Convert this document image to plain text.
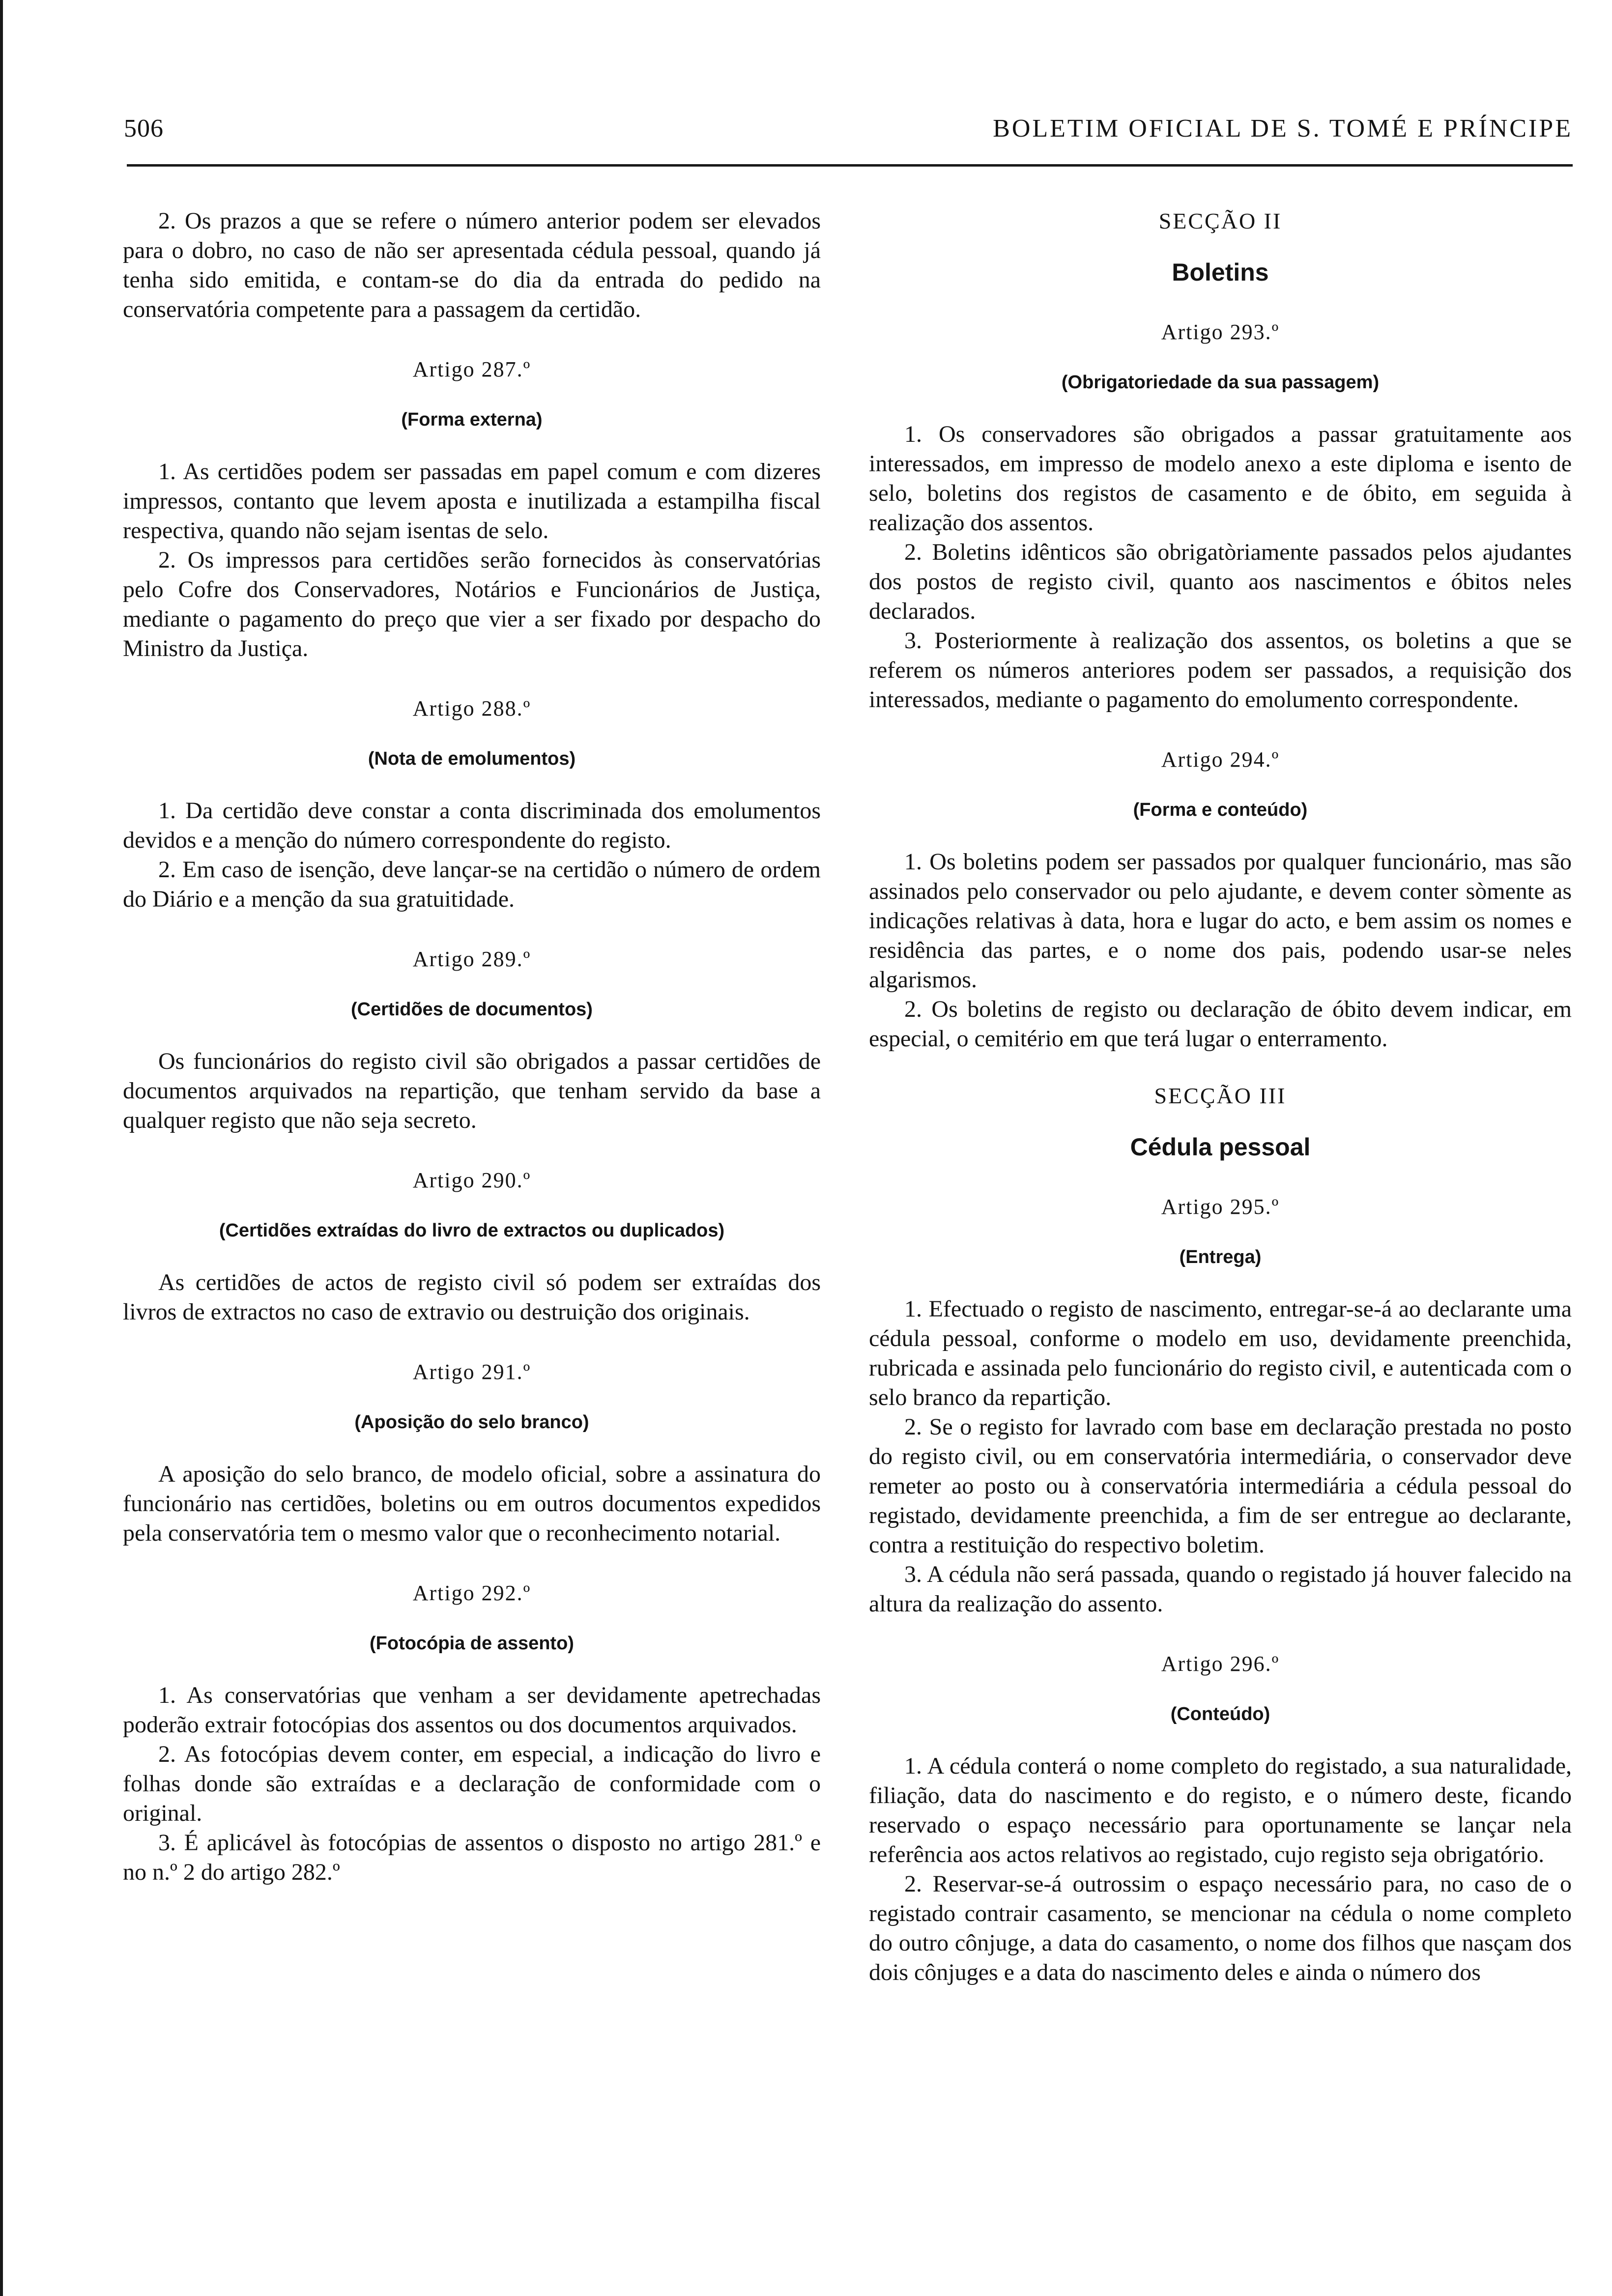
506	BOLETIM OFICIAL DE S. TOMÉ E PRÍNCIPE

2. Os prazos a que se refere o número anterior podem ser elevados para o dobro, no caso de não ser apresentada cédula pessoal, quando já tenha sido emitida, e contam-se do dia da entrada do pedido na conservatória competente para a passagem da certidão.

Artigo 287.º
(Forma externa)

1. As certidões podem ser passadas em papel comum e com dizeres impressos, contanto que levem aposta e inutilizada a estampilha fiscal respectiva, quando não sejam isentas de selo.

2. Os impressos para certidões serão fornecidos às conservatórias pelo Cofre dos Conservadores, Notários e Funcionários de Justiça, mediante o pagamento do preço que vier a ser fixado por despacho do Ministro da Justiça.

Artigo 288.º
(Nota de emolumentos)

1. Da certidão deve constar a conta discriminada dos emolumentos devidos e a menção do número correspondente do registo.

2. Em caso de isenção, deve lançar-se na certidão o número de ordem do Diário e a menção da sua gratuitidade.

Artigo 289.º
(Certidões de documentos)

Os funcionários do registo civil são obrigados a passar certidões de documentos arquivados na repartição, que tenham servido da base a qualquer registo que não seja secreto.

Artigo 290.º
(Certidões extraídas do livro de extractos ou duplicados)

As certidões de actos de registo civil só podem ser extraídas dos livros de extractos no caso de extravio ou destruição dos originais.

Artigo 291.º
(Aposição do selo branco)

A aposição do selo branco, de modelo oficial, sobre a assinatura do funcionário nas certidões, boletins ou em outros documentos expedidos pela conservatória tem o mesmo valor que o reconhecimento notarial.

Artigo 292.º
(Fotocópia de assento)

1. As conservatórias que venham a ser devidamente apetrechadas poderão extrair fotocópias dos assentos ou dos documentos arquivados.

2. As fotocópias devem conter, em especial, a indicação do livro e folhas donde são extraídas e a declaração de conformidade com o original.

3. É aplicável às fotocópias de assentos o disposto no artigo 281.º e no n.º 2 do artigo 282.º

SECÇÃO II
Boletins
Artigo 293.º
(Obrigatoriedade da sua passagem)

1. Os conservadores são obrigados a passar gratuitamente aos interessados, em impresso de modelo anexo a este diploma e isento de selo, boletins dos registos de casamento e de óbito, em seguida à realização dos assentos.

2. Boletins idênticos são obrigatòriamente passados pelos ajudantes dos postos de registo civil, quanto aos nascimentos e óbitos neles declarados.

3. Posteriormente à realização dos assentos, os boletins a que se referem os números anteriores podem ser passados, a requisição dos interessados, mediante o pagamento do emolumento correspondente.

Artigo 294.º
(Forma e conteúdo)

1. Os boletins podem ser passados por qualquer funcionário, mas são assinados pelo conservador ou pelo ajudante, e devem conter sòmente as indicações relativas à data, hora e lugar do acto, e bem assim os nomes e residência das partes, e o nome dos pais, podendo usar-se neles algarismos.

2. Os boletins de registo ou declaração de óbito devem indicar, em especial, o cemitério em que terá lugar o enterramento.

SECÇÃO III
Cédula pessoal
Artigo 295.º
(Entrega)

1. Efectuado o registo de nascimento, entregar-se-á ao declarante uma cédula pessoal, conforme o modelo em uso, devidamente preenchida, rubricada e assinada pelo funcionário do registo civil, e autenticada com o selo branco da repartição.

2. Se o registo for lavrado com base em declaração prestada no posto do registo civil, ou em conservatória intermediária, o conservador deve remeter ao posto ou à conservatória intermediária a cédula pessoal do registado, devidamente preenchida, a fim de ser entregue ao declarante, contra a restituição do respectivo boletim.

3. A cédula não será passada, quando o registado já houver falecido na altura da realização do assento.

Artigo 296.º
(Conteúdo)

1. A cédula conterá o nome completo do registado, a sua naturalidade, filiação, data do nascimento e do registo, e o número deste, ficando reservado o espaço necessário para oportunamente se lançar nela referência aos actos relativos ao registado, cujo registo seja obrigatório.

2. Reservar-se-á outrossim o espaço necessário para, no caso de o registado contrair casamento, se mencionar na cédula o nome completo do outro cônjuge, a data do casamento, o nome dos filhos que nasçam dos dois cônjuges e a data do nascimento deles e ainda o número dos
